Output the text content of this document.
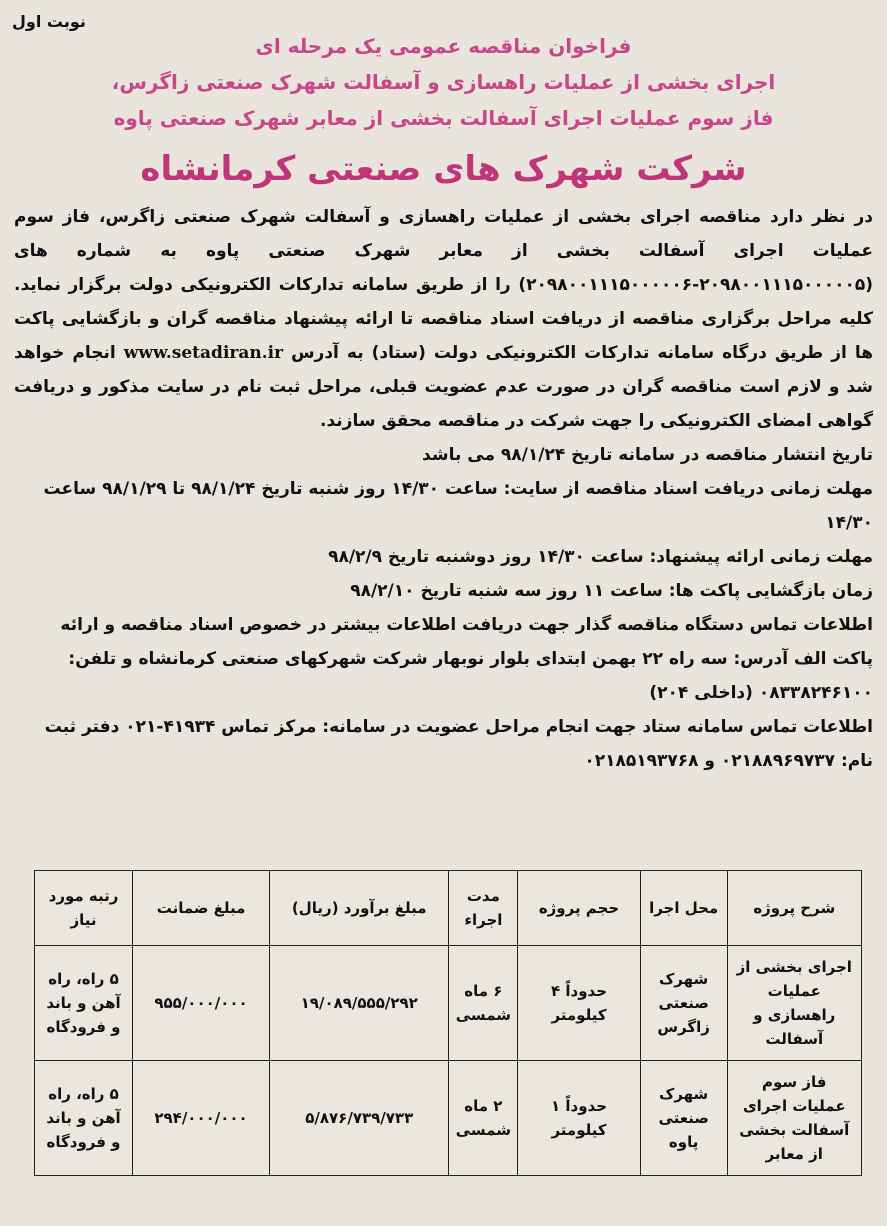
نوبت اول
فراخوان مناقصه عمومی یک مرحله ای
اجرای بخشی از عملیات راهسازی و آسفالت شهرک صنعتی زاگرس،
فاز سوم عملیات اجرای آسفالت بخشی از معابر شهرک صنعتی پاوه
شرکت شهرک های صنعتی کرمانشاه
در نظر دارد مناقصه اجرای بخشی از عملیات راهسازی و آسفالت شهرک صنعتی زاگرس، فاز سوم عملیات اجرای آسفالت بخشی از معابر شهرک صنعتی پاوه به شماره های (۲۰۹۸۰۰۱۱۱۵۰۰۰۰۰۵-۲۰۹۸۰۰۱۱۱۵۰۰۰۰۰۶) را از طریق سامانه تدارکات الکترونیکی دولت برگزار نماید. کلیه مراحل برگزاری مناقصه از دریافت اسناد مناقصه تا ارائه پیشنهاد مناقصه گران و بازگشایی پاکت ها از طریق درگاه سامانه تدارکات الکترونیکی دولت (ستاد) به آدرس www.setadiran.ir انجام خواهد شد و لازم است مناقصه گران در صورت عدم عضویت قبلی، مراحل ثبت نام در سایت مذکور و دریافت گواهی امضای الکترونیکی را جهت شرکت در مناقصه محقق سازند.
تاریخ انتشار مناقصه در سامانه تاریخ ۹۸/۱/۲۴ می باشد
مهلت زمانی دریافت اسناد مناقصه از سایت: ساعت ۱۴/۳۰ روز شنبه تاریخ ۹۸/۱/۲۴ تا ۹۸/۱/۲۹ ساعت ۱۴/۳۰
مهلت زمانی ارائه پیشنهاد: ساعت ۱۴/۳۰ روز دوشنبه تاریخ ۹۸/۲/۹
زمان بازگشایی پاکت ها: ساعت ۱۱ روز سه شنبه تاریخ ۹۸/۲/۱۰
اطلاعات تماس دستگاه مناقصه گذار جهت دریافت اطلاعات بیشتر در خصوص اسناد مناقصه و ارائه پاکت الف آدرس: سه راه ۲۲ بهمن ابتدای بلوار نوبهار شرکت شهرکهای صنعتی کرمانشاه و تلفن: ۰۸۳۳۸۲۴۶۱۰۰ (داخلی ۲۰۴)
اطلاعات تماس سامانه ستاد جهت انجام مراحل عضویت در سامانه: مرکز تماس ۴۱۹۳۴-۰۲۱ دفتر ثبت نام: ۰۲۱۸۸۹۶۹۷۳۷ و ۰۲۱۸۵۱۹۳۷۶۸
شرح پروژه	محل اجرا	حجم پروژه	مدت اجراء	مبلغ برآورد (ریال)	مبلغ ضمانت	رتبه مورد نیاز
اجرای بخشی از عملیات راهسازی و آسفالت	شهرک صنعتی زاگرس	حدوداً ۴ کیلومتر	۶ ماه شمسی	۱۹/۰۸۹/۵۵۵/۲۹۲	۹۵۵/۰۰۰/۰۰۰	۵ راه، راه آهن و باند و فرودگاه
فاز سوم عملیات اجرای آسفالت بخشی از معابر	شهرک صنعتی پاوه	حدوداً ۱ کیلومتر	۲ ماه شمسی	۵/۸۷۶/۷۳۹/۷۳۳	۲۹۴/۰۰۰/۰۰۰	۵ راه، راه آهن و باند و فرودگاه
